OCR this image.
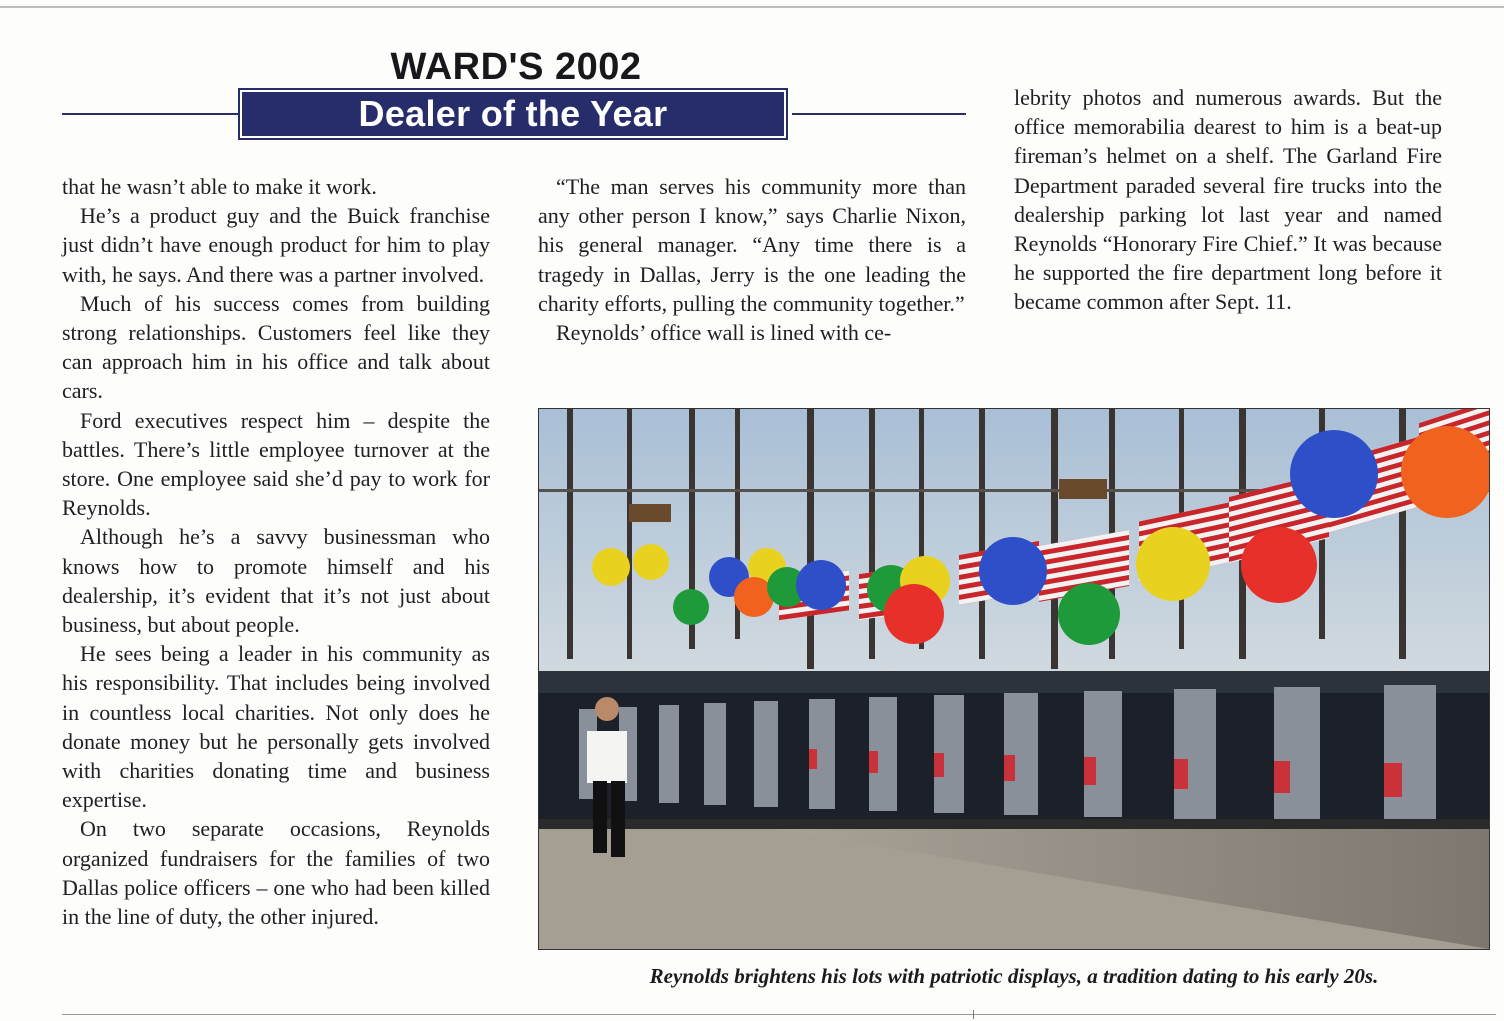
WARD'S 2002
Dealer of the Year

that he wasn’t able to make it work.

He’s a product guy and the Buick franchise just didn’t have enough product for him to play with, he says. And there was a partner involved.

Much of his success comes from building strong relationships. Customers feel like they can approach him in his office and talk about cars.

Ford executives respect him – despite the battles. There’s little employee turnover at the store. One employee said she’d pay to work for Reynolds.

Although he’s a savvy businessman who knows how to promote himself and his dealership, it’s evident that it’s not just about business, but about people.

He sees being a leader in his community as his responsibility. That includes being involved in countless local charities. Not only does he donate money but he personally gets involved with charities donating time and business expertise.

On two separate occasions, Reynolds organized fundraisers for the families of two Dallas police officers – one who had been killed in the line of duty, the other injured.

“The man serves his community more than any other person I know,” says Charlie Nixon, his general manager. “Any time there is a tragedy in Dallas, Jerry is the one leading the charity efforts, pulling the community together.”

Reynolds’ office wall is lined with ce-

lebrity photos and numerous awards. But the office memorabilia dearest to him is a beat-up fireman’s helmet on a shelf. The Garland Fire Department paraded several fire trucks into the dealership parking lot last year and named Reynolds “Honorary Fire Chief.” It was because he supported the fire department long before it became common after Sept. 11.

Reynolds brightens his lots with patriotic displays, a tradition dating to his early 20s.
